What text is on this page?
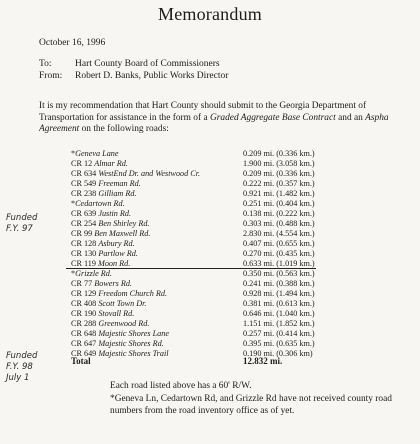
Memorandum
October 16, 1996
To: Hart County Board of Commissioners
From: Robert D. Banks, Public Works Director

It is my recommendation that Hart County should submit to the Georgia Department of

Transportation for assistance in the form of a Graded Aggregate Base Contract and an Aspha

Agreement on the following roads:

*Geneva Lane	0.209 mi. (0.336 km.)
CR 12 Almar Rd.	1.900 mi. (3.058 km.)
CR 634 WestEnd Dr. and Westwood Cr.	0.209 mi. (0.336 km.)
CR 549 Freeman Rd.	0.222 mi. (0.357 km.)
CR 238 Gilliam Rd.	0.921 mi. (1.482 km.)
*Cedartown Rd.	0.251 mi. (0.404 km.)
CR 639 Justin Rd.	0.138 mi. (0.222 km.)
CR 254 Ben Shirley Rd.	0.303 mi. (0.488 km.)
CR 99 Ben Maxwell Rd.	2.830 mi. (4.554 km.)
CR 128 Asbury Rd.	0.407 mi. (0.655 km.)
CR 130 Partlow Rd.	0.270 mi. (0.435 km.)
CR 119 Moon Rd.	0.633 mi. (1.019 km.)
*Grizzle Rd.	0.350 mi. (0.563 km.)
CR 77 Bowers Rd.	0.241 mi. (0.388 km.)
CR 129 Freedom Church Rd.	0.928 mi. (1.494 km.)
CR 408 Scott Town Dr.	0.381 mi. (0.613 km.)
CR 190 Stovall Rd.	0.646 mi. (1.040 km.)
CR 288 Greenwood Rd.	1.151 mi. (1.852 km.)
CR 648 Majestic Shores Lane	0.257 mi. (0.414 km.)
CR 647 Majestic Shores Rd.	0.395 mi. (0.635 km.)
CR 649 Majestic Shores Trail	0.190 mi. (0.306 km)
Total	12.832 mi.
Each road listed above has a 60' R/W.
*Geneva Ln, Cedartown Rd, and Grizzle Rd have not received county road numbers from the road inventory office as of yet.
Funded
F.Y. 97
Funded
F.Y. 98
July 1
